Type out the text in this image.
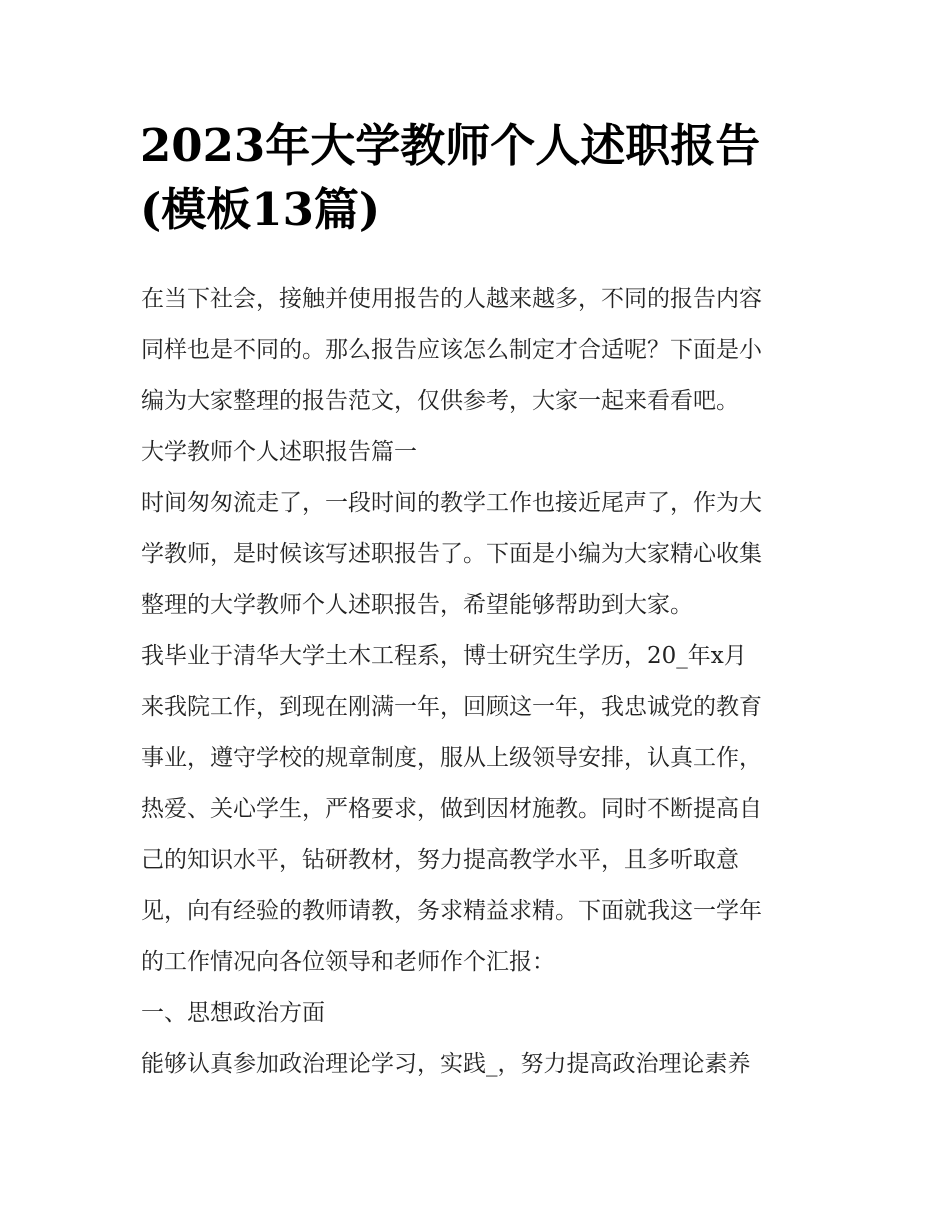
2023年大学教师个人述职报告
(模板13篇)

在当下社会，接触并使用报告的人越来越多，不同的报告内容

同样也是不同的。那么报告应该怎么制定才合适呢？下面是小

编为大家整理的报告范文，仅供参考，大家一起来看看吧。

大学教师个人述职报告篇一

时间匆匆流走了，一段时间的教学工作也接近尾声了，作为大

学教师，是时候该写述职报告了。下面是小编为大家精心收集

整理的大学教师个人述职报告，希望能够帮助到大家。

我毕业于清华大学土木工程系，博士研究生学历，20_年x月

来我院工作，到现在刚满一年，回顾这一年，我忠诚党的教育

事业，遵守学校的规章制度，服从上级领导安排，认真工作，

热爱、关心学生，严格要求，做到因材施教。同时不断提高自

己的知识水平，钻研教材，努力提高教学水平，且多听取意

见，向有经验的教师请教，务求精益求精。下面就我这一学年

的工作情况向各位领导和老师作个汇报：

一、思想政治方面

能够认真参加政治理论学习，实践_，努力提高政治理论素养
